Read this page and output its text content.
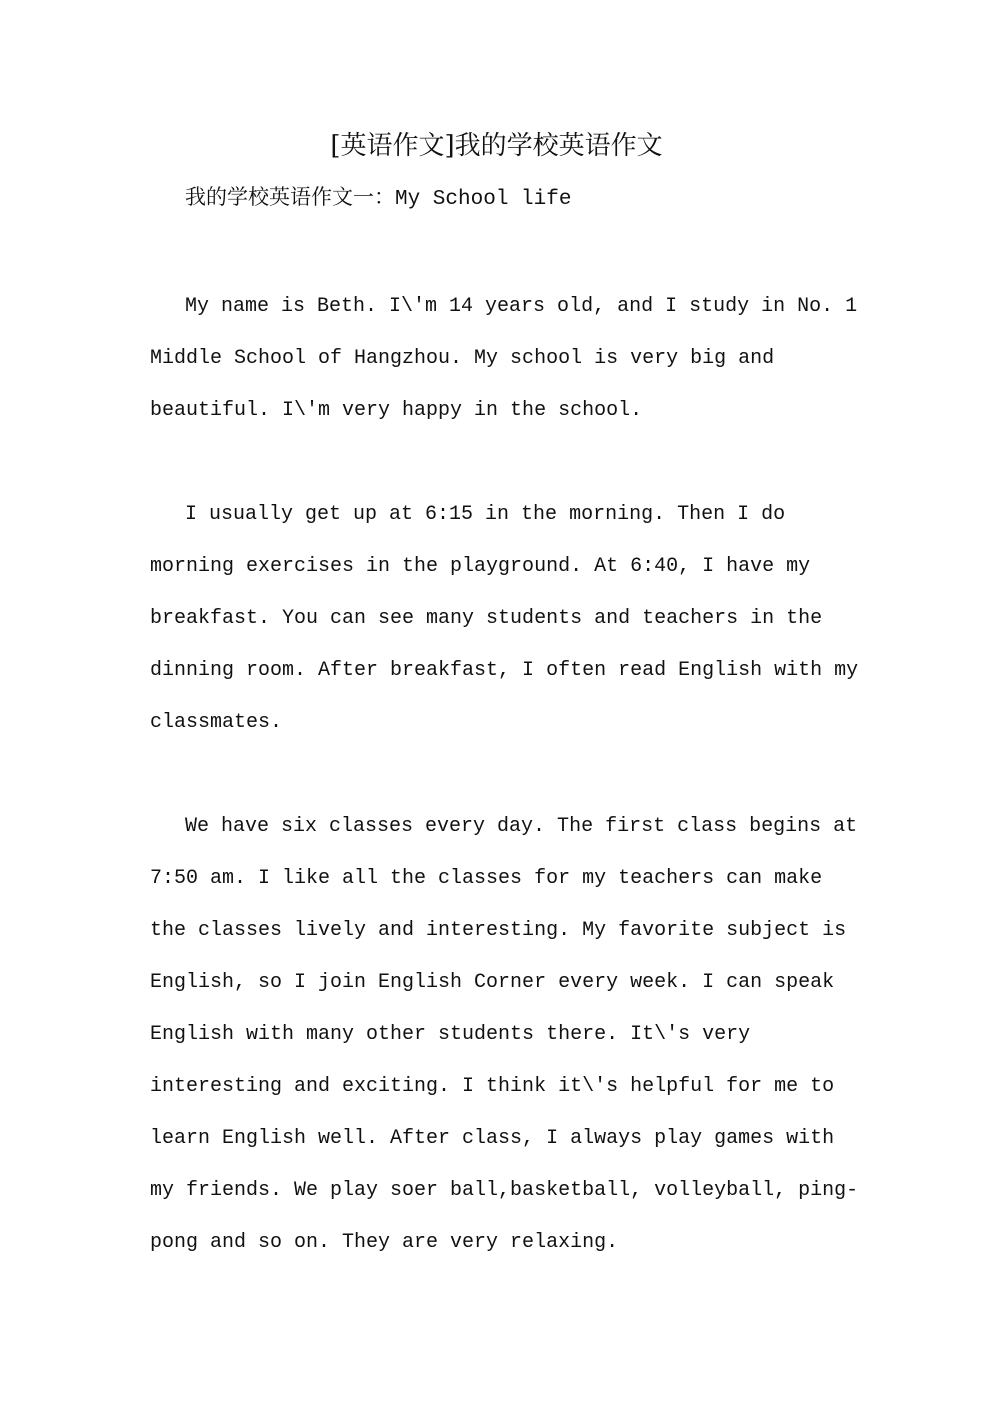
[英语作文]我的学校英语作文
我的学校英语作文一：My School life
My name is Beth. I\'m 14 years old, and I study in No. 1
Middle School of Hangzhou. My school is very big and
beautiful. I\'m very happy in the school.
I usually get up at 6:15 in the morning. Then I do
morning exercises in the playground. At 6:40, I have my
breakfast. You can see many students and teachers in the
dinning room. After breakfast, I often read English with my
classmates.
We have six classes every day. The first class begins at
7:50 am. I like all the classes for my teachers can make
the classes lively and interesting. My favorite subject is
English, so I join English Corner every week. I can speak
English with many other students there. It\'s very
interesting and exciting. I think it\'s helpful for me to
learn English well. After class, I always play games with
my friends. We play soer ball,basketball, volleyball, ping-
pong and so on. They are very relaxing.
